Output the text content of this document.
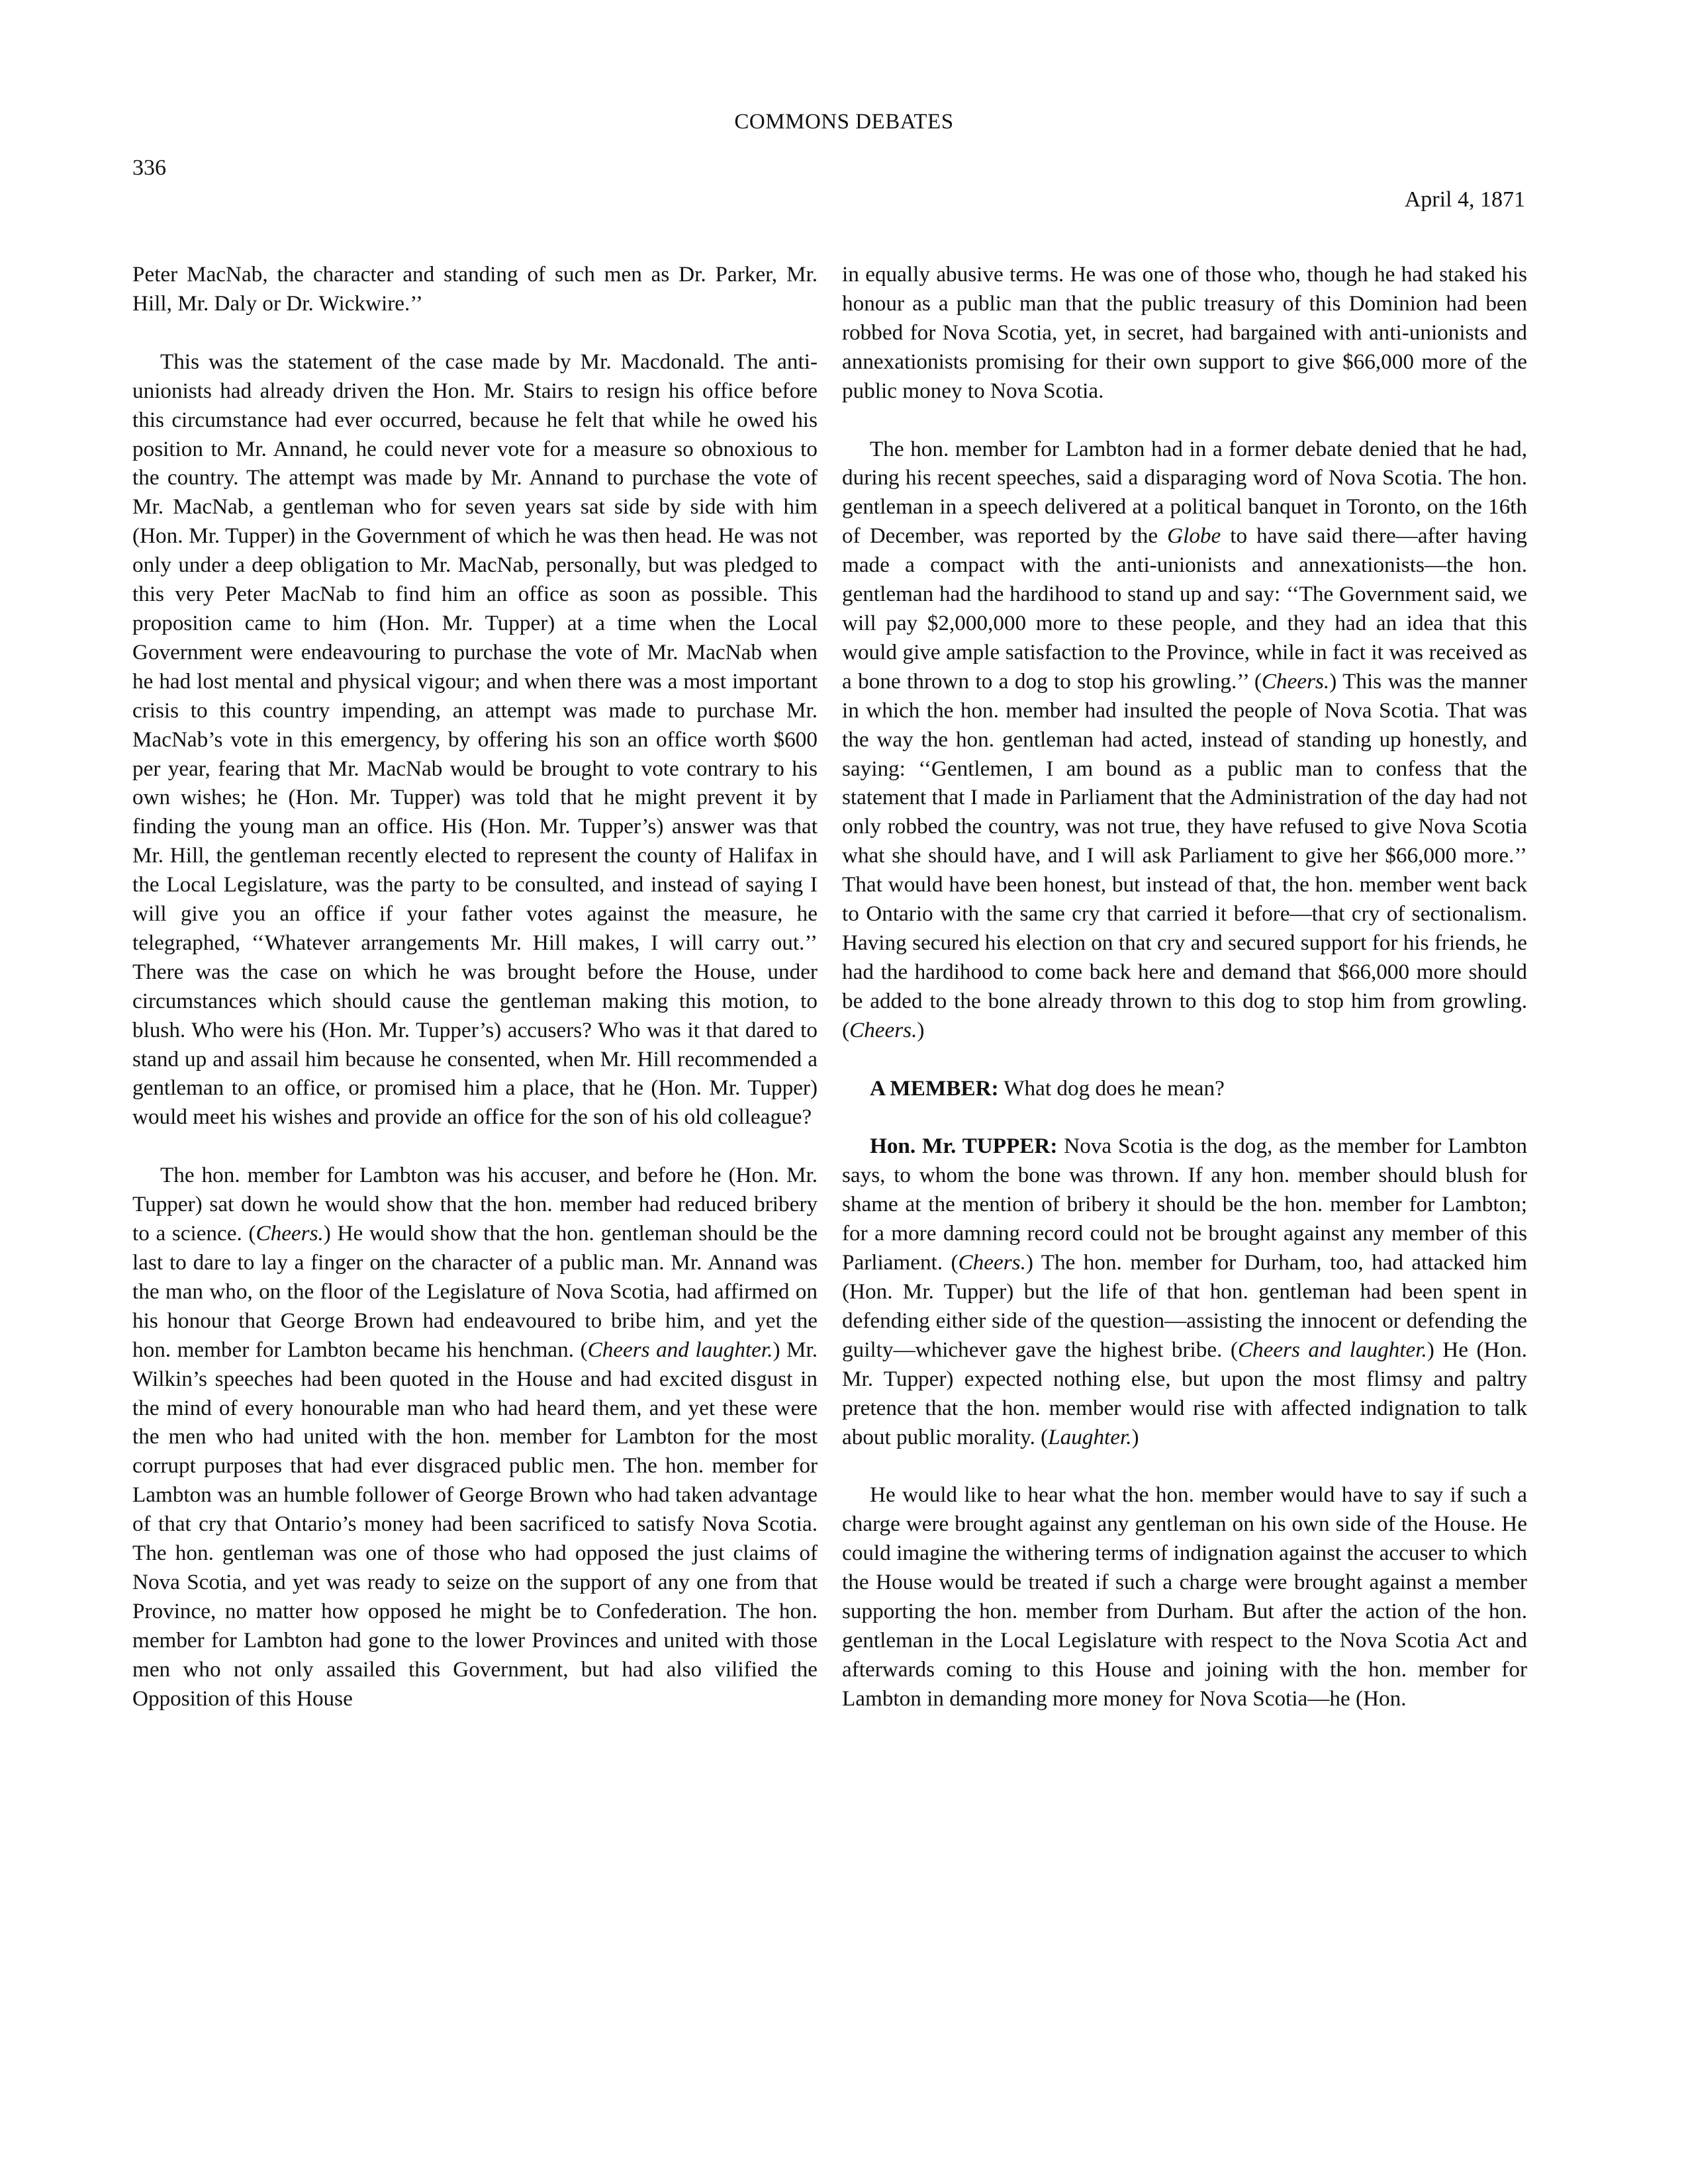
COMMONS DEBATES
336
April 4, 1871

Peter MacNab, the character and standing of such men as Dr. Parker, Mr. Hill, Mr. Daly or Dr. Wickwire.’’

This was the statement of the case made by Mr. Macdonald. The anti-unionists had already driven the Hon. Mr. Stairs to resign his office before this circumstance had ever occurred, because he felt that while he owed his position to Mr. Annand, he could never vote for a measure so obnoxious to the country. The attempt was made by Mr. Annand to purchase the vote of Mr. MacNab, a gentleman who for seven years sat side by side with him (Hon. Mr. Tupper) in the Government of which he was then head. He was not only under a deep obligation to Mr. MacNab, personally, but was pledged to this very Peter MacNab to find him an office as soon as possible. This proposition came to him (Hon. Mr. Tupper) at a time when the Local Government were endeavouring to purchase the vote of Mr. MacNab when he had lost mental and physical vigour; and when there was a most important crisis to this country impending, an attempt was made to purchase Mr. MacNab’s vote in this emergency, by offering his son an office worth $600 per year, fearing that Mr. MacNab would be brought to vote contrary to his own wishes; he (Hon. Mr. Tupper) was told that he might prevent it by finding the young man an office. His (Hon. Mr. Tupper’s) answer was that Mr. Hill, the gentleman recently elected to represent the county of Halifax in the Local Legislature, was the party to be consulted, and instead of saying I will give you an office if your father votes against the measure, he telegraphed, ‘‘Whatever arrangements Mr. Hill makes, I will carry out.’’ There was the case on which he was brought before the House, under circumstances which should cause the gentleman making this motion, to blush. Who were his (Hon. Mr. Tupper’s) accusers? Who was it that dared to stand up and assail him because he consented, when Mr. Hill recommended a gentleman to an office, or promised him a place, that he (Hon. Mr. Tupper) would meet his wishes and provide an office for the son of his old colleague?

The hon. member for Lambton was his accuser, and before he (Hon. Mr. Tupper) sat down he would show that the hon. member had reduced bribery to a science. (Cheers.) He would show that the hon. gentleman should be the last to dare to lay a finger on the character of a public man. Mr. Annand was the man who, on the floor of the Legislature of Nova Scotia, had affirmed on his honour that George Brown had endeavoured to bribe him, and yet the hon. member for Lambton became his henchman. (Cheers and laughter.) Mr. Wilkin’s speeches had been quoted in the House and had excited disgust in the mind of every honourable man who had heard them, and yet these were the men who had united with the hon. member for Lambton for the most corrupt purposes that had ever disgraced public men. The hon. member for Lambton was an humble follower of George Brown who had taken advantage of that cry that Ontario’s money had been sacrificed to satisfy Nova Scotia. The hon. gentleman was one of those who had opposed the just claims of Nova Scotia, and yet was ready to seize on the support of any one from that Province, no matter how opposed he might be to Confederation. The hon. member for Lambton had gone to the lower Provinces and united with those men who not only assailed this Government, but had also vilified the Opposition of this House

in equally abusive terms. He was one of those who, though he had staked his honour as a public man that the public treasury of this Dominion had been robbed for Nova Scotia, yet, in secret, had bargained with anti-unionists and annexationists promising for their own support to give $66,000 more of the public money to Nova Scotia.

The hon. member for Lambton had in a former debate denied that he had, during his recent speeches, said a disparaging word of Nova Scotia. The hon. gentleman in a speech delivered at a political banquet in Toronto, on the 16th of December, was reported by the Globe to have said there—after having made a compact with the anti-unionists and annexationists—the hon. gentleman had the hardihood to stand up and say: ‘‘The Government said, we will pay $2,000,000 more to these people, and they had an idea that this would give ample satisfaction to the Province, while in fact it was received as a bone thrown to a dog to stop his growling.’’ (Cheers.) This was the manner in which the hon. member had insulted the people of Nova Scotia. That was the way the hon. gentleman had acted, instead of standing up honestly, and saying: ‘‘Gentlemen, I am bound as a public man to confess that the statement that I made in Parliament that the Administration of the day had not only robbed the country, was not true, they have refused to give Nova Scotia what she should have, and I will ask Parliament to give her $66,000 more.’’ That would have been honest, but instead of that, the hon. member went back to Ontario with the same cry that carried it before—that cry of sectionalism. Having secured his election on that cry and secured support for his friends, he had the hardihood to come back here and demand that $66,000 more should be added to the bone already thrown to this dog to stop him from growling. (Cheers.)

A MEMBER: What dog does he mean?

Hon. Mr. TUPPER: Nova Scotia is the dog, as the member for Lambton says, to whom the bone was thrown. If any hon. member should blush for shame at the mention of bribery it should be the hon. member for Lambton; for a more damning record could not be brought against any member of this Parliament. (Cheers.) The hon. member for Durham, too, had attacked him (Hon. Mr. Tupper) but the life of that hon. gentleman had been spent in defending either side of the question—assisting the innocent or defending the guilty—whichever gave the highest bribe. (Cheers and laughter.) He (Hon. Mr. Tupper) expected nothing else, but upon the most flimsy and paltry pretence that the hon. member would rise with affected indignation to talk about public morality. (Laughter.)

He would like to hear what the hon. member would have to say if such a charge were brought against any gentleman on his own side of the House. He could imagine the withering terms of indignation against the accuser to which the House would be treated if such a charge were brought against a member supporting the hon. member from Durham. But after the action of the hon. gentleman in the Local Legislature with respect to the Nova Scotia Act and afterwards coming to this House and joining with the hon. member for Lambton in demanding more money for Nova Scotia—he (Hon.
